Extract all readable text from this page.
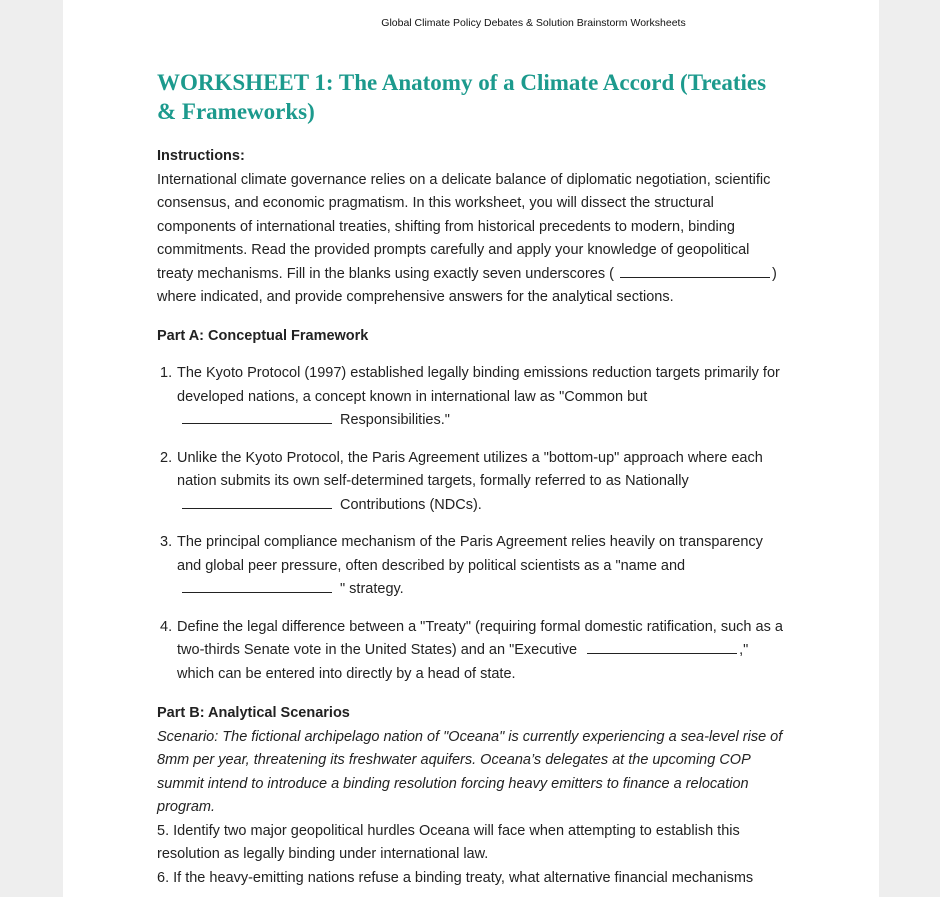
Global Climate Policy Debates & Solution Brainstorm Worksheets
WORKSHEET 1: The Anatomy of a Climate Accord (Treaties & Frameworks)
Instructions:

International climate governance relies on a delicate balance of diplomatic negotiation, scientific consensus, and economic pragmatism. In this worksheet, you will dissect the structural components of international treaties, shifting from historical precedents to modern, binding commitments. Read the provided prompts carefully and apply your knowledge of geopolitical treaty mechanisms. Fill in the blanks using exactly seven underscores (	) where indicated, and provide comprehensive answers for the analytical sections.

Part A: Conceptual Framework
1. The Kyoto Protocol (1997) established legally binding emissions reduction targets primarily for developed nations, a concept known in international law as "Common but
Responsibilities."
2. Unlike the Kyoto Protocol, the Paris Agreement utilizes a "bottom-up" approach where each nation submits its own self-determined targets, formally referred to as Nationally
Contributions (NDCs).
3. The principal compliance mechanism of the Paris Agreement relies heavily on transparency and global peer pressure, often described by political scientists as a "name and
" strategy.
4. Define the legal difference between a "Treaty" (requiring formal domestic ratification, such as a two-thirds Senate vote in the United States) and an "Executive	," which can be entered into directly by a head of state.
Part B: Analytical Scenarios
Scenario: The fictional archipelago nation of "Oceana" is currently experiencing a sea-level rise of 8mm per year, threatening its freshwater aquifers. Oceana’s delegates at the upcoming COP summit intend to introduce a binding resolution forcing heavy emitters to finance a relocation program.
5. Identify two major geopolitical hurdles Oceana will face when attempting to establish this resolution as legally binding under international law.
6. If the heavy-emitting nations refuse a binding treaty, what alternative financial mechanisms
